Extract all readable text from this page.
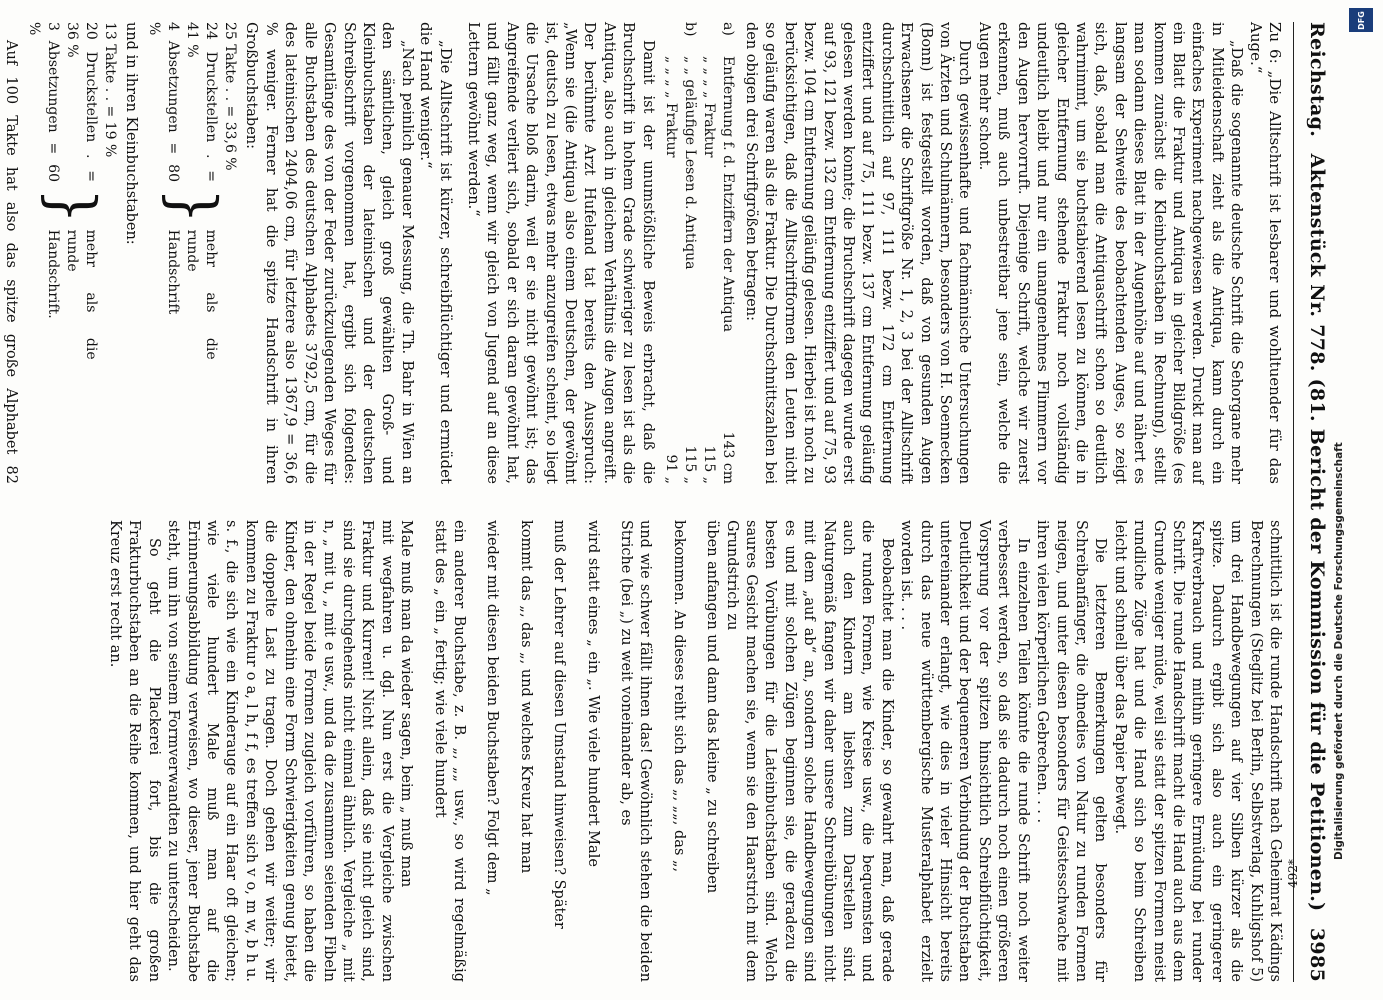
Reichstag.
Aktenstück Nr. 778. (81. Bericht der Kommission für die Petitionen.)
3985

Zu 6: „Die Alltschrift ist lesbarer und wohltuender für das Auge.“

„Daß die sogenannte deutsche Schrift die Sehorgane mehr in Mitleidenschaft zieht als die Antiqua, kann durch ein einfaches Experiment nachgewiesen werden. Druckt man auf ein Blatt die Fraktur und Antiqua in gleicher Bildgröße (es kommen zunächst die Kleinbuchstaben in Rechnung), stellt man sodann dieses Blatt in der Augenhöhe auf und nähert es langsam der Sehweite des beobachtenden Auges, so zeigt sich, daß, sobald man die Antiquaschrift schon so deutlich wahrnimmt, um sie buchstabierend lesen zu können, die in gleicher Entfernung stehende Fraktur noch vollständig undeutlich bleibt und nur ein unangenehmes Flimmern vor den Augen hervorruft. Diejenige Schrift, welche wir zuerst erkennen, muß auch unbestreitbar jene sein, welche die Augen mehr schont.

Durch gewissenhafte und fachmännische Untersuchungen von Ärzten und Schulmännern, besonders von H. Soennecken (Bonn) ist festgestellt worden, daß von gesunden Augen Erwachsener die Schriftgröße Nr. 1, 2, 3 bei der Alltschrift durchschnittlich auf 97, 111 bezw. 172 cm Entfernung entziffert und auf 75, 111 bezw. 137 cm Entfernung geläufig gelesen werden konnte; die Bruchschrift dagegen wurde erst auf 93, 121 bezw. 132 cm Entfernung entziffert und auf 75, 93 bezw. 104 cm Entfernung geläufig gelesen. Hierbei ist noch zu berücksichtigen, daß die Alltschriftformen den Leuten nicht so geläufig waren als die Fraktur. Die Durchschnittszahlen bei den obigen drei Schriftgrößen betragen:

a)
Entfernung f. d. Entziffern der Antiqua
143 cm
„ „ „ „ Fraktur
115 „
b)
„ „ geläufige Lesen d. Antiqua
115 „
„ „ „ „ Fraktur
91 „

Damit ist der unumstößliche Beweis erbracht, daß die Bruchschrift in hohem Grade schwieriger zu lesen ist als die Antiqua, also auch in gleichem Verhältnis die Augen angreift. Der berühmte Arzt Hufeland tat bereits den Ausspruch: „Wenn sie (die Antiqua) also einem Deutschen, der gewöhnt ist, deutsch zu lesen, etwas mehr anzugreifen scheint, so liegt die Ursache bloß darin, weil er sie nicht gewöhnt ist; das Angreifende verliert sich, sobald er sich daran gewöhnt hat, und fällt ganz weg, wenn wir gleich von Jugend auf an diese Lettern gewöhnt werden.“

„Die Alltschrift ist kürzer, schreibflüchtiger und ermüdet die Hand weniger.“

„Nach peinlich genauer Messung, die Th. Bahr in Wien an den sämtlichen, gleich groß gewählten Groß- und Kleinbuchstaben der lateinischen und der deutschen Schreibschrift vorgenommen hat, ergibt sich folgendes: Gesamtlänge des von der Feder zurückzulegenden Weges für alle Buchstaben des deutschen Alphabets 3792,5 cm, für die des lateinischen 2404,06 cm, für letztere also 1367,9 = 36,6 % weniger. Ferner hat die spitze Handschrift in ihren Großbuchstaben:

25 Takte . . = 33,6 %
24 Druckstellen . = 41 %
4 Absetzungen = 80 %
}
mehr als die runde Handschrift

und in ihren Kleinbuchstaben:

13 Takte . . = 19 %
20 Druckstellen . = 36 %
3 Absetzungen = 60 %
}
mehr als die runde Handschrift.

Auf 100 Takte hat also das spitze große Alphabet 82

schnittlich ist die runde Handschrift nach Geheimrat Kädings Berechnungen (Steglitz bei Berlin, Selbstverlag, Kuhligshof 5) um drei Handbewegungen auf vier Silben kürzer als die spitze. Dadurch ergibt sich also auch ein geringerer Kraftverbrauch und mithin geringere Ermüdung bei runder Schrift. Die runde Handschrift macht die Hand auch aus dem Grunde weniger müde, weil sie statt der spitzen Formen meist rundliche Züge hat und die Hand sich so beim Schreiben leicht und schnell über das Papier bewegt.

Die letzteren Bemerkungen gelten besonders für Schreibanfänger, die ohnedies von Natur zu runden Formen neigen, und unter diesen besonders für Geistesschwache mit ihren vielen körperlichen Gebrechen. . . .

In einzelnen Teilen könnte die runde Schrift noch weiter verbessert werden, so daß sie dadurch noch einen größeren Vorsprung vor der spitzen hinsichtlich Schreibflüchtigkeit, Deutlichkeit und der bequemeren Verbindung der Buchstaben untereinander erlangt, wie dies in vieler Hinsicht bereits durch das neue württembergische Musteralphabet erzielt worden ist. . . .

Beobachtet man die Kinder, so gewahrt man, daß gerade die runden Formen, wie Kreise usw., die bequemsten und auch den Kindern am liebsten zum Darstellen sind. Naturgemäß fangen wir daher unsere Schreibübungen nicht mit dem „auf ab“ an, sondern solche Handbewegungen sind es und mit solchen Zügen beginnen sie, die geradezu die besten Vorübungen für die Lateinbuchstaben sind. Welch saures Gesicht machen sie, wenn sie den Haarstrich mit dem Grundstrich zu

üben anfangen und dann das kleine „ zu schreiben

bekommen. An dieses reiht sich das „, „„, das „,

und wie schwer fällt ihnen das! Gewöhnlich stehen die beiden Striche (bei „) zu weit voneinander ab, es

wird statt eines „ ein „. Wie viele hundert Male

muß der Lehrer auf diesen Umstand hinweisen? Später

kommt das „, das „, und welches Kreuz hat man

wieder mit diesen beiden Buchstaben? Folgt dem „

ein anderer Buchstabe, z. B. „, „„ usw., so wird regelmäßig statt des „ ein „ fertig; wie viele hundert

Male muß man da wieder sagen, beim „ muß man

mit wegfahren u. dgl. Nun erst die Vergleiche zwischen Fraktur und Kurrent! Nicht allein, daß sie nicht gleich sind, sind sie durchgehends nicht einmal ähnlich. Vergleiche „ mit n, „ mit u, „ mit e usw., und da die zusammen seienden Fibeln in der Regel beide Formen zugleich vorführen, so haben die Kinder, den ohnehin eine Form Schwierigkeiten genug bietet, die doppelte Last zu tragen. Doch gehen wir weiter; wir kommen zu Fraktur o a, l h, f f, es treffen sich v o, m w, b h u. s. f., die sich wie ein Kinderauge auf ein Haar oft gleichen; wie viele hundert Male muß man auf die Erinnerungsabbildung verweisen, wo dieser, jener Buchstabe steht, um ihn von seinem Formverwandten zu unterscheiden.

So geht die Plackerei fort, bis die großen Frakturbuchstaben an die Reihe kommen, und hier geht das Kreuz erst recht an.

492*
DFG
Digitalisierung gefördert durch die Deutsche Forschungsgemeinschaft
